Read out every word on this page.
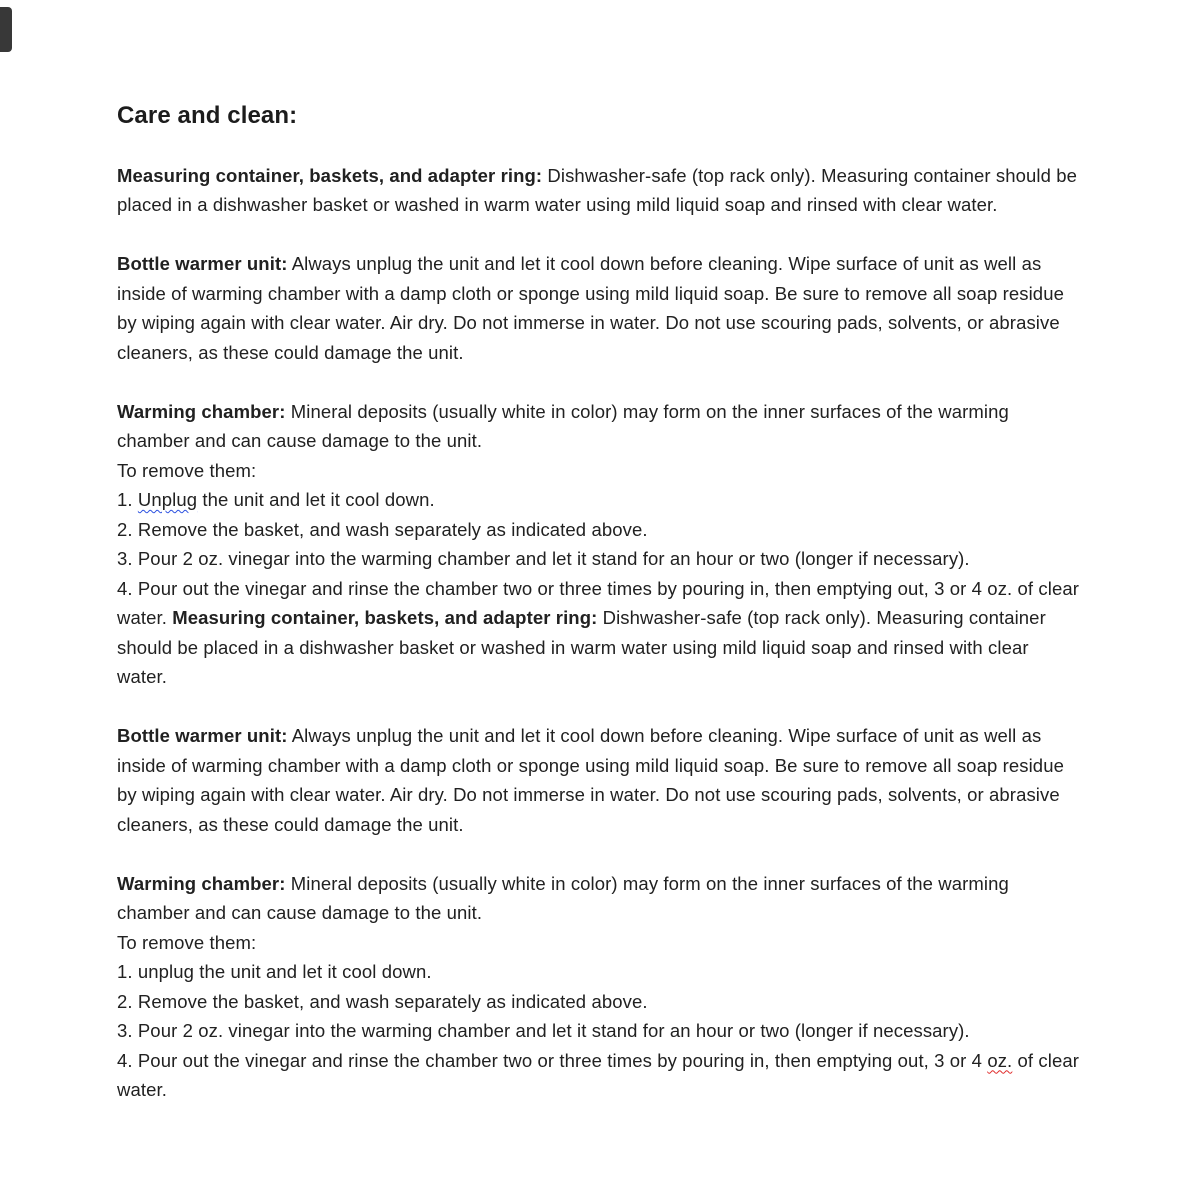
Care and clean:
Measuring container, baskets, and adapter ring: Dishwasher-safe (top rack only). Measuring container should be placed in a dishwasher basket or washed in warm water using mild liquid soap and rinsed with clear water.
Bottle warmer unit: Always unplug the unit and let it cool down before cleaning. Wipe surface of unit as well as inside of warming chamber with a damp cloth or sponge using mild liquid soap. Be sure to remove all soap residue by wiping again with clear water. Air dry. Do not immerse in water. Do not use scouring pads, solvents, or abrasive cleaners, as these could damage the unit.
Warming chamber: Mineral deposits (usually white in color) may form on the inner surfaces of the warming chamber and can cause damage to the unit.
To remove them:
1. Unplug the unit and let it cool down.
2. Remove the basket, and wash separately as indicated above.
3. Pour 2 oz. vinegar into the warming chamber and let it stand for an hour or two (longer if necessary).
4. Pour out the vinegar and rinse the chamber two or three times by pouring in, then emptying out, 3 or 4 oz. of clear water. Measuring container, baskets, and adapter ring: Dishwasher-safe (top rack only). Measuring container should be placed in a dishwasher basket or washed in warm water using mild liquid soap and rinsed with clear water.
Bottle warmer unit: Always unplug the unit and let it cool down before cleaning. Wipe surface of unit as well as inside of warming chamber with a damp cloth or sponge using mild liquid soap. Be sure to remove all soap residue by wiping again with clear water. Air dry. Do not immerse in water. Do not use scouring pads, solvents, or abrasive cleaners, as these could damage the unit.
Warming chamber: Mineral deposits (usually white in color) may form on the inner surfaces of the warming chamber and can cause damage to the unit.
To remove them:
1. unplug the unit and let it cool down.
2. Remove the basket, and wash separately as indicated above.
3. Pour 2 oz. vinegar into the warming chamber and let it stand for an hour or two (longer if necessary).
4. Pour out the vinegar and rinse the chamber two or three times by pouring in, then emptying out, 3 or 4 oz. of clear water.
